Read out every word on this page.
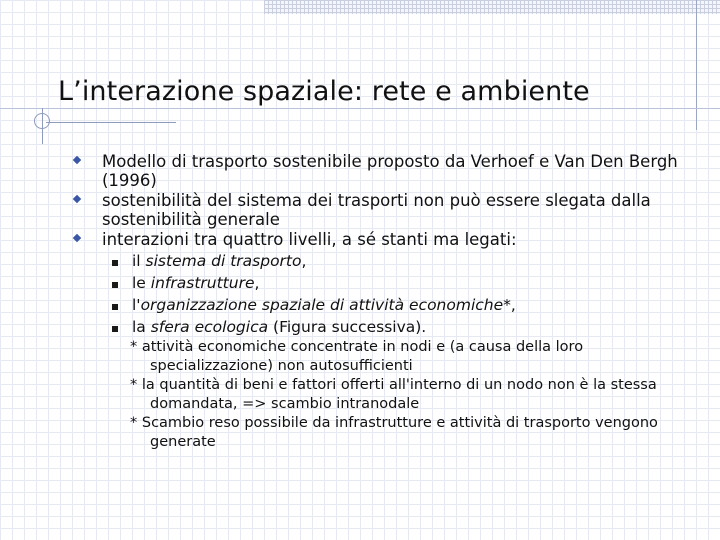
L’interazione spaziale: rete e ambiente
Modello di trasporto sostenibile proposto da Verhoef e Van Den Bergh (1996)
sostenibilità del sistema dei trasporti non può essere slegata dalla sostenibilità generale
interazioni tra quattro livelli, a sé stanti ma legati:
il sistema di trasporto,
le infrastrutture,
l'organizzazione spaziale di attività economiche*,
la sfera ecologica (Figura successiva).
* attività economiche concentrate in nodi e (a causa della loro specializzazione) non autosufficienti
* la quantità di beni e fattori offerti all'interno di un nodo non è la stessa domandata, => scambio intranodale
* Scambio reso possibile da infrastrutture e attività di trasporto vengono generate
